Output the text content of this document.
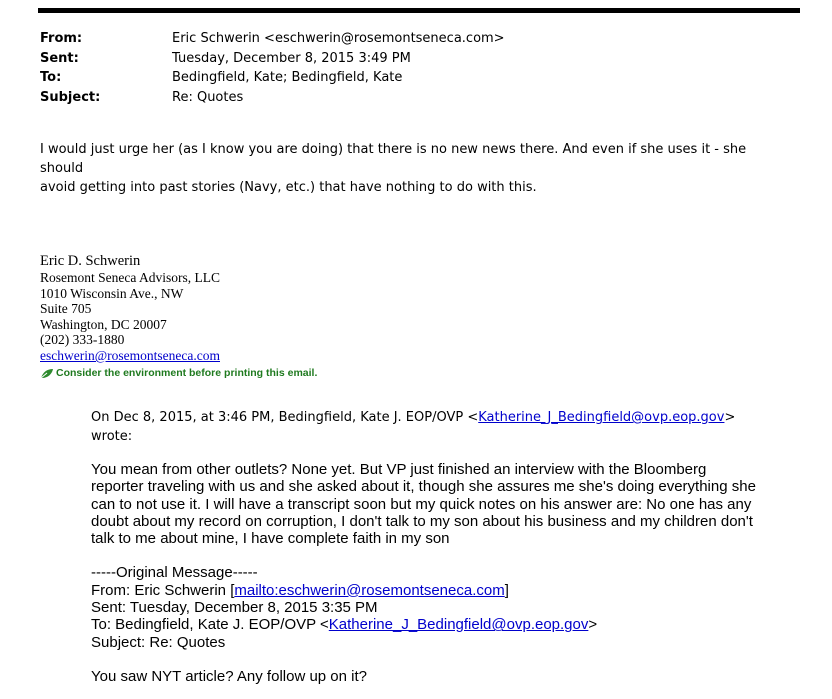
From:	Eric Schwerin <eschwerin@rosemontseneca.com>
Sent:	Tuesday, December 8, 2015 3:49 PM
To:	Bedingfield, Kate; Bedingfield, Kate
Subject:	Re: Quotes
I would just urge her (as I know you are doing) that there is no new news there. And even if she uses it - she should
avoid getting into past stories (Navy, etc.) that have nothing to do with this.
Eric D. Schwerin
Rosemont Seneca Advisors, LLC
1010 Wisconsin Ave., NW
Suite 705
Washington, DC 20007
(202) 333-1880
eschwerin@rosemontseneca.com
Consider the environment before printing this email.
On Dec 8, 2015, at 3:46 PM, Bedingfield, Kate J. EOP/OVP <Katherine_J_Bedingfield@ovp.eop.gov>
wrote:
You mean from other outlets? None yet. But VP just finished an interview with the Bloomberg
reporter traveling with us and she asked about it, though she assures me she's doing everything she
can to not use it. I will have a transcript soon but my quick notes on his answer are: No one has any
doubt about my record on corruption, I don't talk to my son about his business and my children don't
talk to me about mine, I have complete faith in my son
-----Original Message-----
From: Eric Schwerin [mailto:eschwerin@rosemontseneca.com]
Sent: Tuesday, December 8, 2015 3:35 PM
To: Bedingfield, Kate J. EOP/OVP <Katherine_J_Bedingfield@ovp.eop.gov>
Subject: Re: Quotes
You saw NYT article? Any follow up on it?
